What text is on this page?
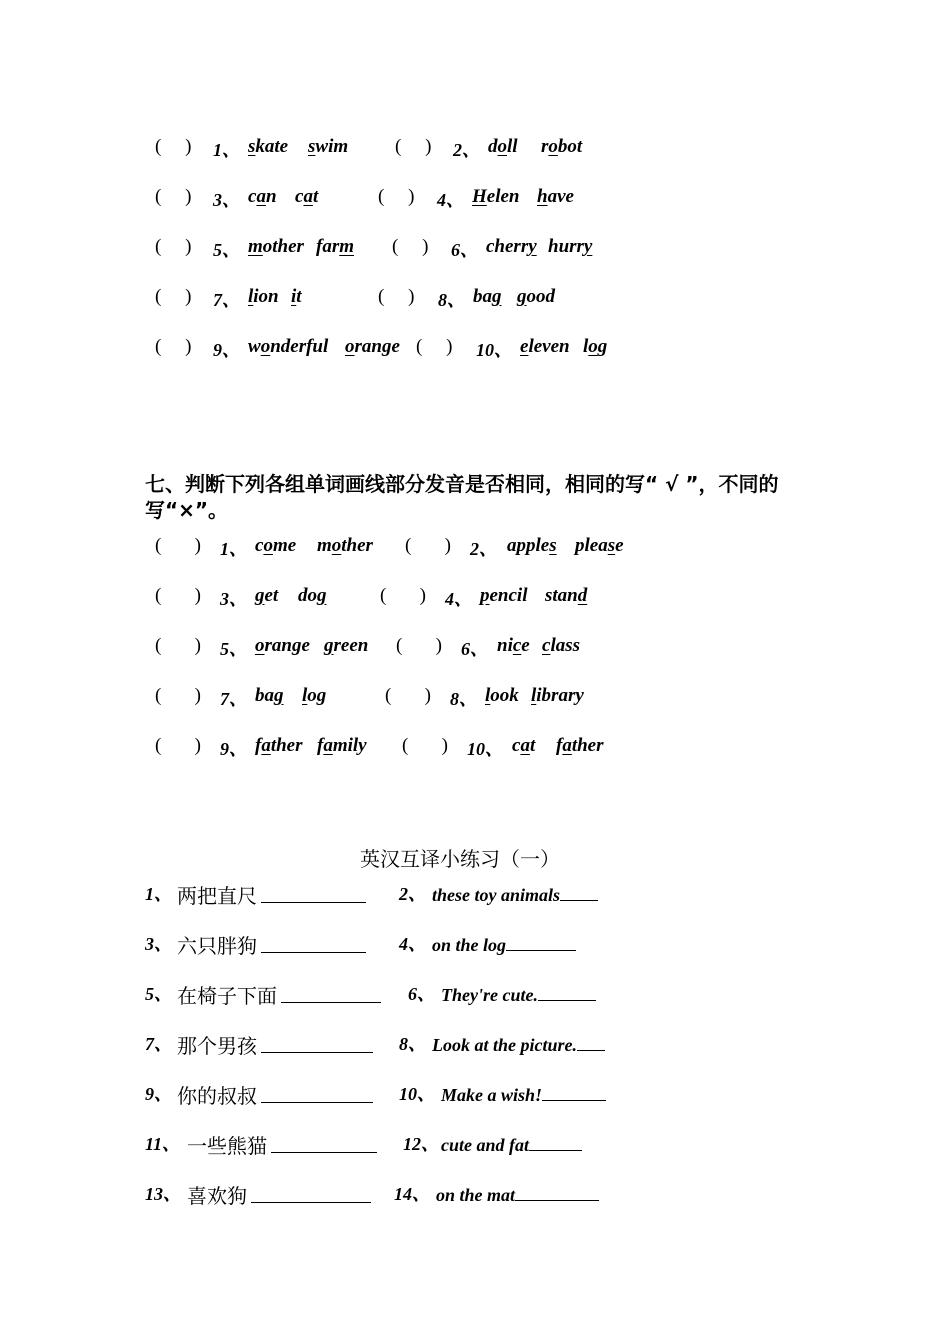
(     ) 1、 skate swim (     ) 2、 doll robot
(     ) 3、 can cat	(     ) 4、 Helen have
(     ) 5、 mother farm (     ) 6、 cherry hurry
(     ) 7、 lion it	(     ) 8、 bag good
(     ) 9、 wonderful orange (     ) 10、 eleven log
七、判断下列各组单词画线部分发音是否相同，相同的写“ √ ”，不同的写“×”。
(       ) 1、 come mother (       ) 2、 apples please
(       ) 3、 get dog	(       ) 4、 pencil stand
(       ) 5、 orange green (       ) 6、 nice class
(       ) 7、 bag log	(       ) 8、 look library
(       ) 9、 father family (       ) 10、 cat father
英汉互译小练习（一）
1、 两把直尺	2、 these toy animals
3、 六只胖狗	4、 on the log
5、 在椅子下面	6、 They're cute.
7、 那个男孩	8、 Look at the picture.
9、 你的叔叔	10、 Make a wish!
11、 一些熊猫	12、 cute and fat
13、 喜欢狗	14、 on the mat
